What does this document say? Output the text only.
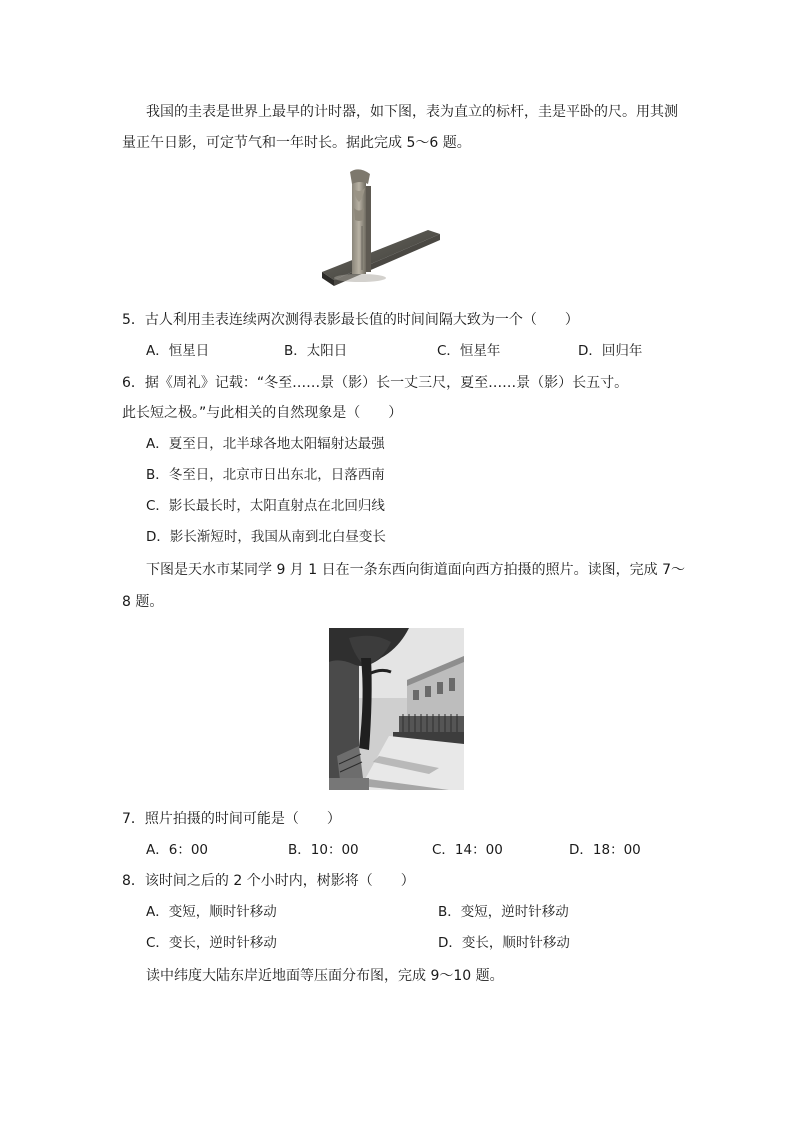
我国的圭表是世界上最早的计时器，如下图，表为直立的标杆，圭是平卧的尺。用其测
量正午日影，可定节气和一年时长。据此完成 5～6 题。
5．古人利用圭表连续两次测得表影最长值的时间间隔大致为一个（　　）
A．恒星日	B．太阳日	C．恒星年	D．回归年
6．据《周礼》记载：“冬至……景（影）长一丈三尺，夏至……景（影）长五寸。
此长短之极。”与此相关的自然现象是（　　）
A．夏至日，北半球各地太阳辐射达最强
B．冬至日，北京市日出东北，日落西南
C．影长最长时，太阳直射点在北回归线
D．影长渐短时，我国从南到北白昼变长
下图是天水市某同学 9 月 1 日在一条东西向街道面向西方拍摄的照片。读图，完成 7～
8 题。
7．照片拍摄的时间可能是（　　）
A．6：00	B．10：00	C．14：00	D．18：00
8．该时间之后的 2 个小时内，树影将（　　）
A．变短，顺时针移动	B．变短，逆时针移动
C．变长，逆时针移动	D．变长，顺时针移动
读中纬度大陆东岸近地面等压面分布图，完成 9～10 题。
